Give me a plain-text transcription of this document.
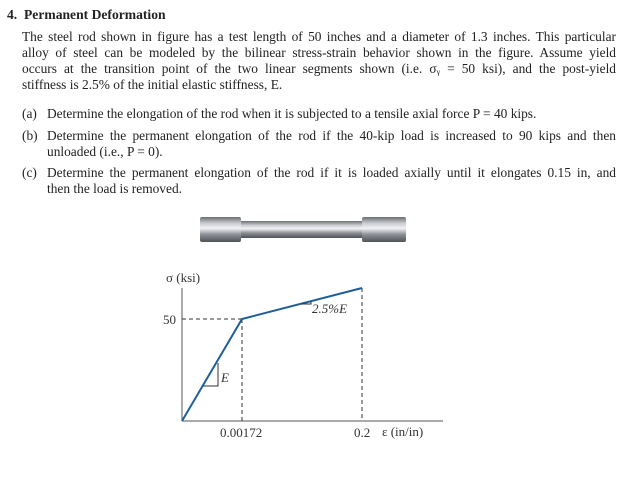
4. Permanent Deformation
The steel rod shown in figure has a test length of 50 inches and a diameter of 1.3 inches. This particular
alloy of steel can be modeled by the bilinear stress-strain behavior shown in the figure. Assume yield
occurs at the transition point of the two linear segments shown (i.e. σᵧ = 50 ksi), and the post-yield
stiffness is 2.5% of the initial elastic stiffness, E.
(a) Determine the elongation of the rod when it is subjected to a tensile axial force P = 40 kips.
(b) Determine the permanent elongation of the rod if the 40-kip load is increased to 90 kips and then
unloaded (i.e., P = 0).
(c) Determine the permanent elongation of the rod if it is loaded axially until it elongates 0.15 in, and
then the load is removed.
σ (ksi)
50
0.00172	0.2 ε (in/in)
E
2.5%E
